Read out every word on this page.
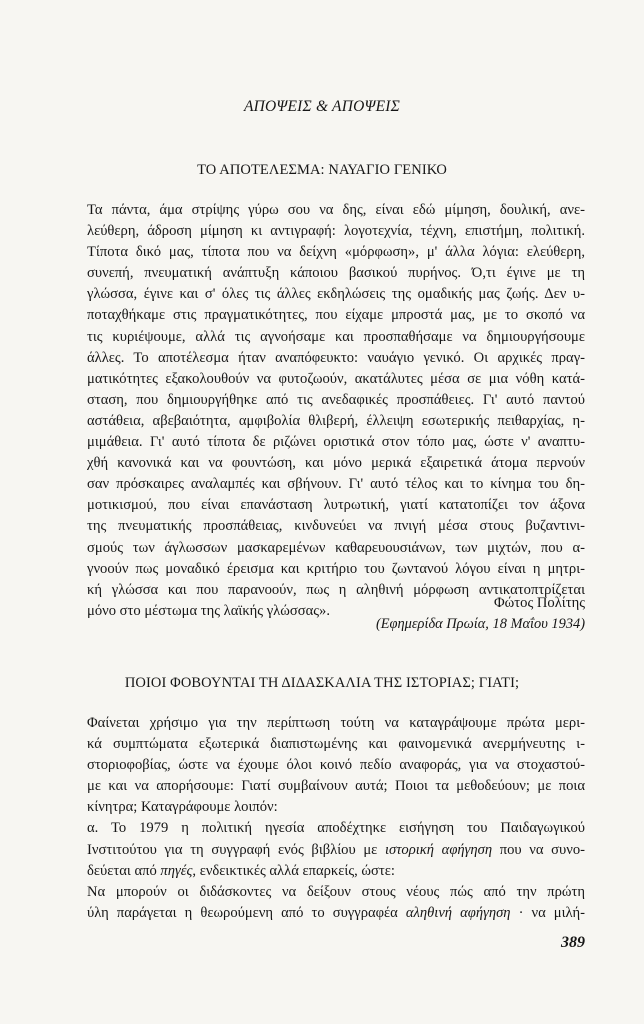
ΑΠΟΨΕΙΣ & ΑΠΟΨΕΙΣ
ΤΟ ΑΠΟΤΕΛΕΣΜΑ: ΝΑΥΑΓΙΟ ΓΕΝΙΚΟ
Τα πάντα, άμα στρίψης γύρω σου να δης, είναι εδώ μίμηση, δουλική, ανε-
λεύθερη, άδροση μίμηση κι αντιγραφή: λογοτεχνία, τέχνη, επιστήμη, πολιτική.
Τίποτα δικό μας, τίποτα που να δείχνη «μόρφωση», μ' άλλα λόγια: ελεύθερη,
συνεπή, πνευματική ανάπτυξη κάποιου βασικού πυρήνος. Ό,τι έγινε με τη
γλώσσα, έγινε και σ' όλες τις άλλες εκδηλώσεις της ομαδικής μας ζωής. Δεν υ-
ποταχθήκαμε στις πραγματικότητες, που είχαμε μπροστά μας, με το σκοπό να
τις κυριέψουμε, αλλά τις αγνοήσαμε και προσπαθήσαμε να δημιουργήσουμε
άλλες. Το αποτέλεσμα ήταν αναπόφευκτο: ναυάγιο γενικό. Οι αρχικές πραγ-
ματικότητες εξακολουθούν να φυτοζωούν, ακατάλυτες μέσα σε μια νόθη κατά-
σταση, που δημιουργήθηκε από τις ανεδαφικές προσπάθειες. Γι' αυτό παντού
αστάθεια, αβεβαιότητα, αμφιβολία θλιβερή, έλλειψη εσωτερικής πειθαρχίας, η-
μιμάθεια. Γι' αυτό τίποτα δε ριζώνει οριστικά στον τόπο μας, ώστε ν' αναπτυ-
χθή κανονικά και να φουντώση, και μόνο μερικά εξαιρετικά άτομα περνούν
σαν πρόσκαιρες αναλαμπές και σβήνουν. Γι' αυτό τέλος και το κίνημα του δη-
μοτικισμού, που είναι επανάσταση λυτρωτική, γιατί κατατοπίζει τον άξονα
της πνευματικής προσπάθειας, κινδυνεύει να πνιγή μέσα στους βυζαντινι-
σμούς των άγλωσσων μασκαρεμένων καθαρευουσιάνων, των μιχτών, που α-
γνοούν πως μοναδικό έρεισμα και κριτήριο του ζωντανού λόγου είναι η μητρι-
κή γλώσσα και που παρανοούν, πως η αληθινή μόρφωση αντικατοπτρίζεται
μόνο στο μέστωμα της λαϊκής γλώσσας».	Φώτος Πολίτης
(Εφημερίδα Πρωία, 18 Μαΐου 1934)
ΠΟΙΟΙ ΦΟΒΟΥΝΤΑΙ ΤΗ ΔΙΔΑΣΚΑΛΙΑ ΤΗΣ ΙΣΤΟΡΙΑΣ; ΓΙΑΤΙ;
Φαίνεται χρήσιμο για την περίπτωση τούτη να καταγράψουμε πρώτα μερι-
κά συμπτώματα εξωτερικά διαπιστωμένης και φαινομενικά ανερμήνευτης ι-
στοριοφοβίας, ώστε να έχουμε όλοι κοινό πεδίο αναφοράς, για να στοχαστού-
με και να απορήσουμε: Γιατί συμβαίνουν αυτά; Ποιοι τα μεθοδεύουν; με ποια
κίνητρα; Καταγράφουμε λοιπόν:
α. Το 1979 η πολιτική ηγεσία αποδέχτηκε εισήγηση του Παιδαγωγικού
Ινστιτούτου για τη συγγραφή ενός βιβλίου με ιστορική αφήγηση που να συνο-
δεύεται από πηγές, ενδεικτικές αλλά επαρκείς, ώστε:
Να μπορούν οι διδάσκοντες να δείξουν στους νέους πώς από την πρώτη
ύλη παράγεται η θεωρούμενη από το συγγραφέα αληθινή αφήγηση · να μιλή-
389
